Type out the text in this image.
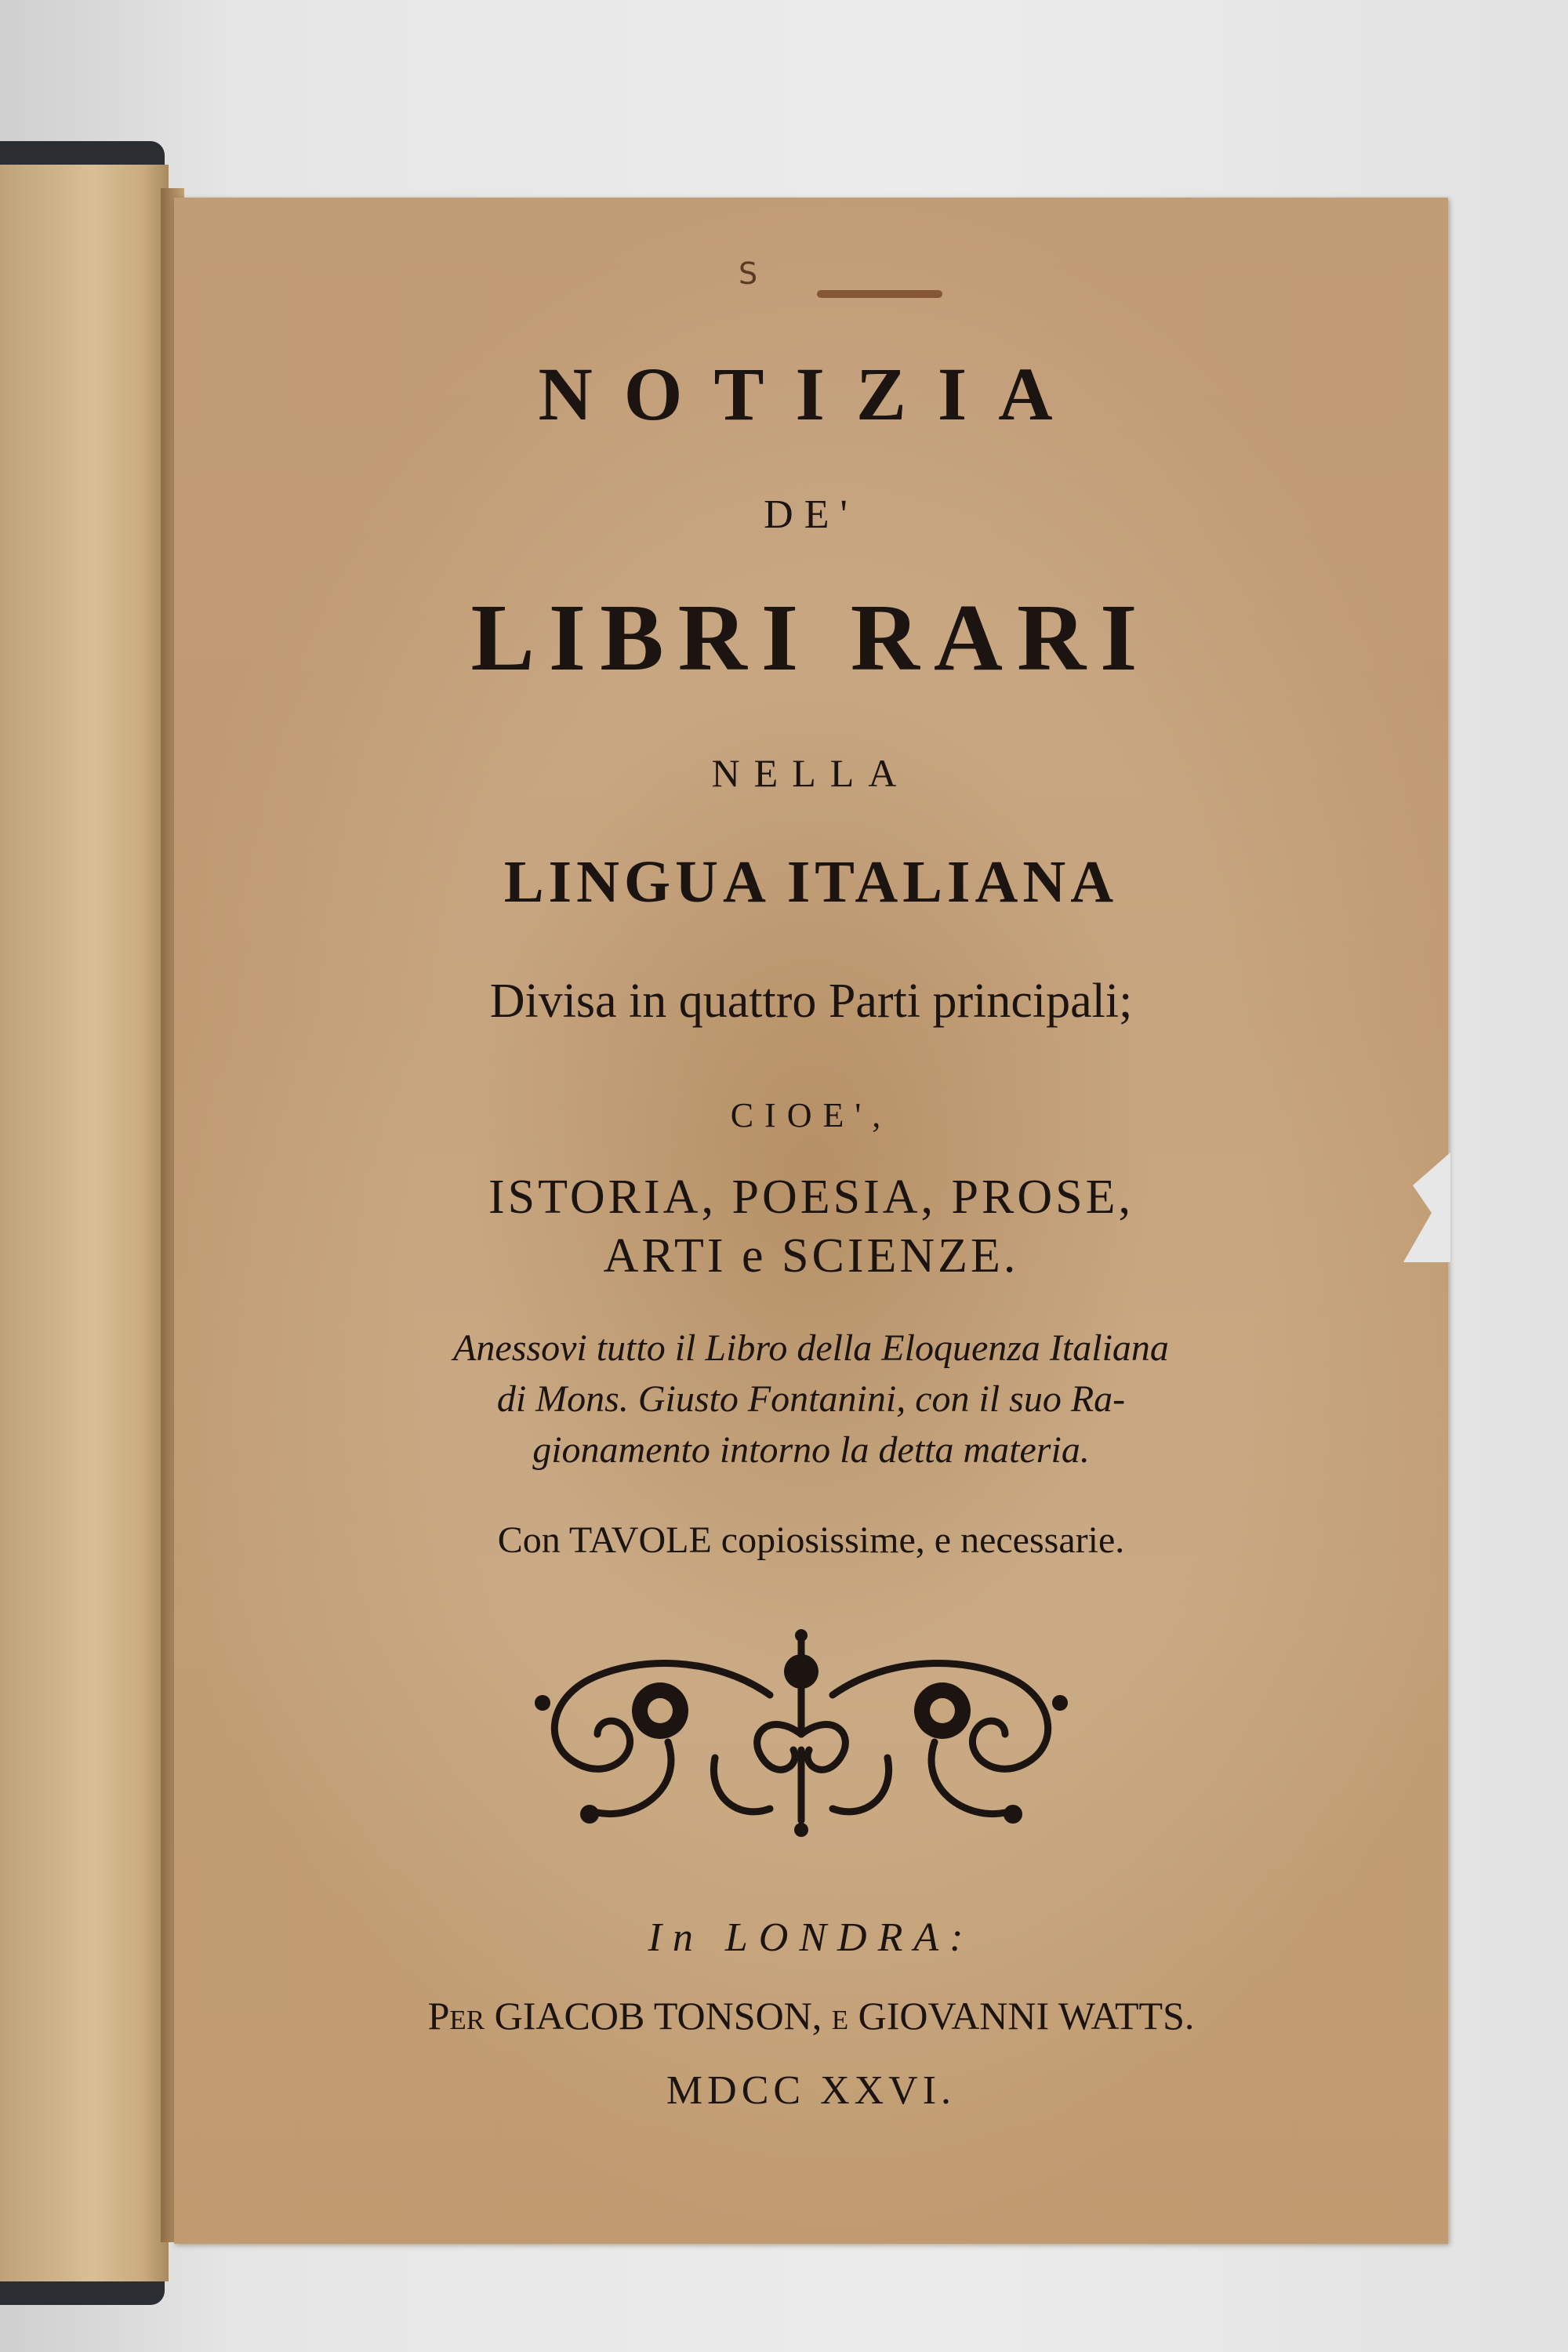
S
NOTIZIA
DE'
LIBRI RARI
NELLA
LINGUA ITALIANA
Divisa in quattro Parti principali;
CIOE',
ISTORIA, POESIA, PROSE,
ARTI e SCIENZE.
Anessovi tutto il Libro della Eloquenza Italiana
di Mons. Giusto Fontanini, con il suo Ra-
gionamento intorno la detta materia.
Con TAVOLE copiosissime, e necessarie.
In LONDRA:
Per GIACOB TONSON, e GIOVANNI WATTS.
MDCC XXVI.
